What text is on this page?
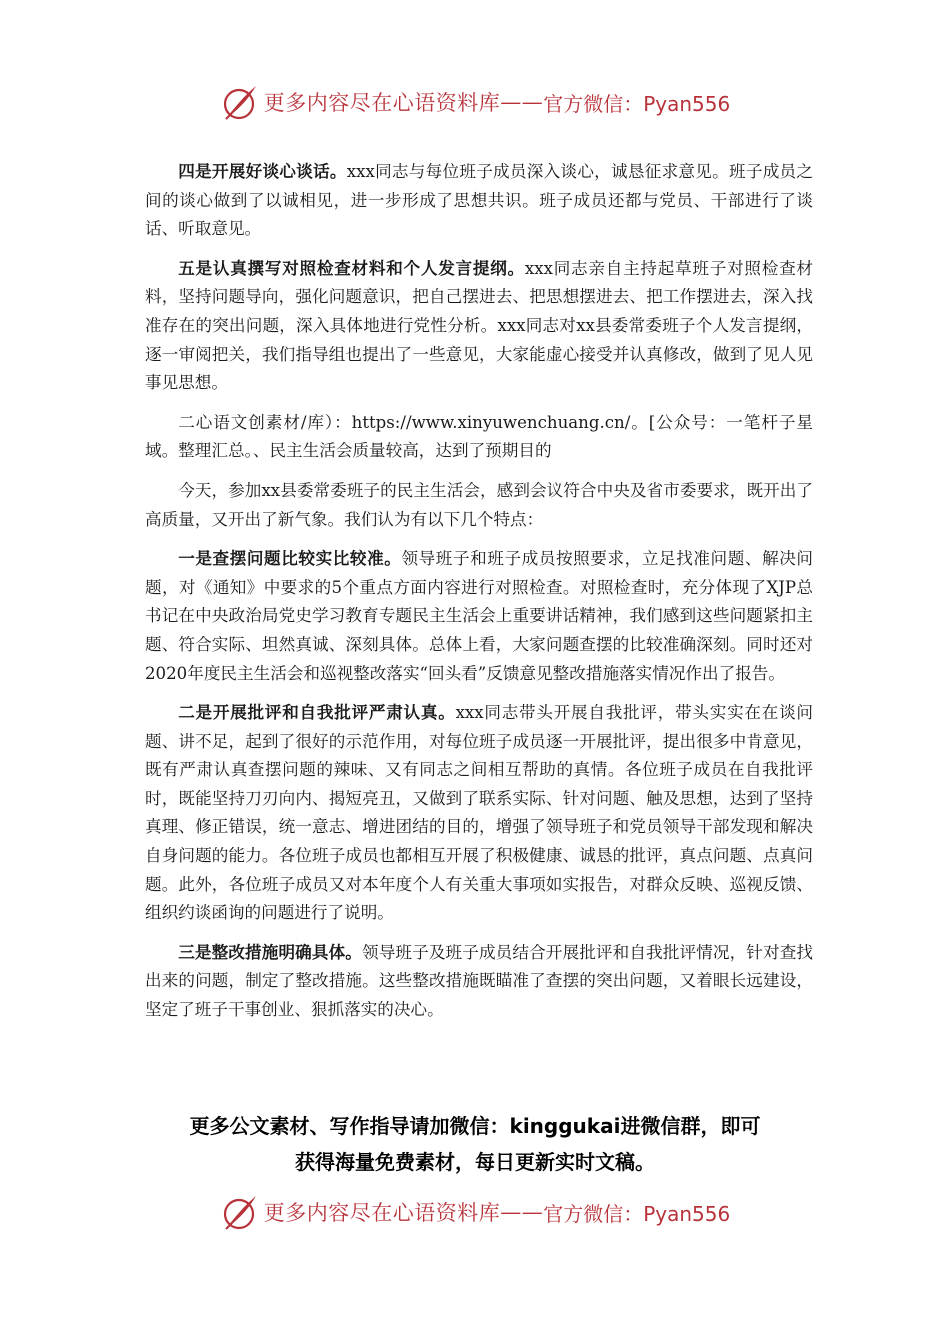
更多内容尽在心语资料库 —— 官方微信：Pyan556

四是开展好谈心谈话。xxx同志与每位班子成员深入谈心，诚恳征求意见。班子成员之间的谈心做到了以诚相见，进一步形成了思想共识。班子成员还都与党员、干部进行了谈话、听取意见。

五是认真撰写对照检查材料和个人发言提纲。xxx同志亲自主持起草班子对照检查材料，坚持问题导向，强化问题意识，把自己摆进去、把思想摆进去、把工作摆进去，深入找准存在的突出问题，深入具体地进行党性分析。xxx同志对xx县委常委班子个人发言提纲，逐一审阅把关，我们指导组也提出了一些意见，大家能虚心接受并认真修改，做到了见人见事见思想。

二心语文创素材/库）：https://www.xinyuwenchuang.cn/。[公众号：一笔杆子星域。整理汇总。、民主生活会质量较高，达到了预期目的

今天，参加xx县委常委班子的民主生活会，感到会议符合中央及省市委要求，既开出了高质量，又开出了新气象。我们认为有以下几个特点：

一是查摆问题比较实比较准。领导班子和班子成员按照要求，立足找准问题、解决问题，对《通知》中要求的5个重点方面内容进行对照检查。对照检查时，充分体现了XJP总书记在中央政治局党史学习教育专题民主生活会上重要讲话精神，我们感到这些问题紧扣主题、符合实际、坦然真诚、深刻具体。总体上看，大家问题查摆的比较准确深刻。同时还对2020年度民主生活会和巡视整改落实“回头看”反馈意见整改措施落实情况作出了报告。

二是开展批评和自我批评严肃认真。xxx同志带头开展自我批评，带头实实在在谈问题、讲不足，起到了很好的示范作用，对每位班子成员逐一开展批评，提出很多中肯意见，既有严肃认真查摆问题的辣味、又有同志之间相互帮助的真情。各位班子成员在自我批评时，既能坚持刀刃向内、揭短亮丑，又做到了联系实际、针对问题、触及思想，达到了坚持真理、修正错误，统一意志、增进团结的目的，增强了领导班子和党员领导干部发现和解决自身问题的能力。各位班子成员也都相互开展了积极健康、诚恳的批评，真点问题、点真问题。此外，各位班子成员又对本年度个人有关重大事项如实报告，对群众反映、巡视反馈、组织约谈函询的问题进行了说明。

三是整改措施明确具体。领导班子及班子成员结合开展批评和自我批评情况，针对查找出来的问题，制定了整改措施。这些整改措施既瞄准了查摆的突出问题，又着眼长远建设，坚定了班子干事创业、狠抓落实的决心。

更多公文素材、写作指导请加微信：kinggukai进微信群，即可
获得海量免费素材，每日更新实时文稿。
更多内容尽在心语资料库 —— 官方微信：Pyan556
